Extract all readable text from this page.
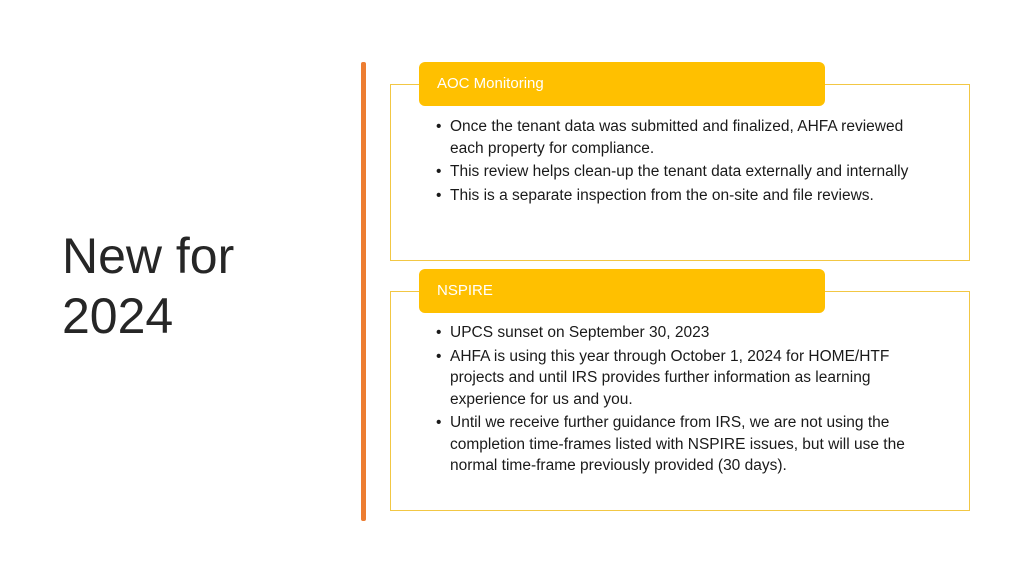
New for
2024
AOC Monitoring
• Once the tenant data was submitted and finalized, AHFA reviewed each property for compliance.
• This review helps clean-up the tenant data externally and internally
• This is a separate inspection from the on-site and file reviews.
NSPIRE
• UPCS sunset on September 30, 2023
• AHFA is using this year through October 1, 2024 for HOME/HTF projects and until IRS provides further information as learning experience for us and you.
• Until we receive further guidance from IRS, we are not using the completion time-frames listed with NSPIRE issues, but will use the normal time-frame previously provided (30 days).
